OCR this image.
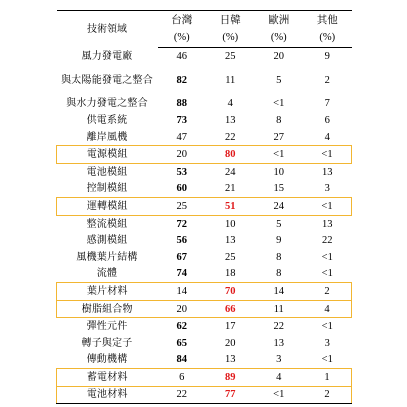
技術領域	台灣	日韓	歐洲	其他
	(%)	(%)	(%)	(%)
風力發電廠	46	25	20	9
與太陽能發電之整合	82	11	5	2
與水力發電之整合	88	4	<1	7
供電系統	73	13	8	6
離岸風機	47	22	27	4
電源模組	20	80	<1	<1
電池模組	53	24	10	13
控制模組	60	21	15	3
運轉模組	25	51	24	<1
整流模組	72	10	5	13
感測模組	56	13	9	22
風機葉片結構	67	25	8	<1
流體	74	18	8	<1
葉片材料	14	70	14	2
樹脂組合物	20	66	11	4
彈性元件	62	17	22	<1
轉子與定子	65	20	13	3
傳動機構	84	13	3	<1
蓄電材料	6	89	4	1
電池材料	22	77	<1	2
